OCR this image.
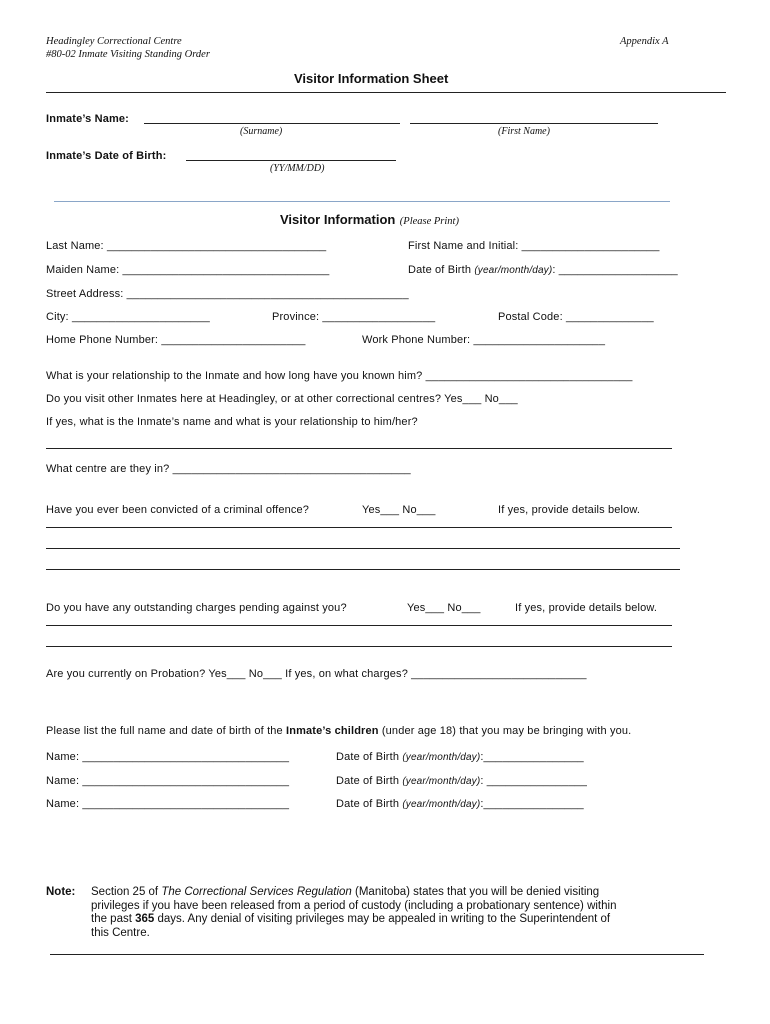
Headingley Correctional Centre
#80-02 Inmate Visiting Standing Order
Appendix A
Visitor Information Sheet
Inmate’s Name:
(Surname)	(First Name)
Inmate’s Date of Birth:
(YY/MM/DD)
Visitor Information (Please Print)
Last Name: ___________________________________	First Name and Initial: ______________________
Maiden Name: _________________________________	Date of Birth (year/month/day): ___________________
Street Address: _____________________________________________
City: ______________________	Province: __________________	Postal Code: ______________
Home Phone Number: _______________________	Work Phone Number: _____________________
What is your relationship to the Inmate and how long have you known him? _________________________________
Do you visit other Inmates here at Headingley, or at other correctional centres? Yes___ No___
If yes, what is the Inmate’s name and what is your relationship to him/her?
What centre are they in? ______________________________________
Have you ever been convicted of a criminal offence?	Yes___ No___	If yes, provide details below.
Do you have any outstanding charges pending against you?	Yes___ No___	If yes, provide details below.
Are you currently on Probation? Yes___ No___ If yes, on what charges? ____________________________
Please list the full name and date of birth of the Inmate’s children (under age 18) that you may be bringing with you.
Name: _________________________________	Date of Birth (year/month/day):________________
Name: _________________________________	Date of Birth (year/month/day): ________________
Name: _________________________________	Date of Birth (year/month/day):________________
Note: Section 25 of The Correctional Services Regulation (Manitoba) states that you will be denied visiting

privileges if you have been released from a period of custody (including a probationary sentence) within

the past 365 days. Any denial of visiting privileges may be appealed in writing to the Superintendent of

this Centre.
